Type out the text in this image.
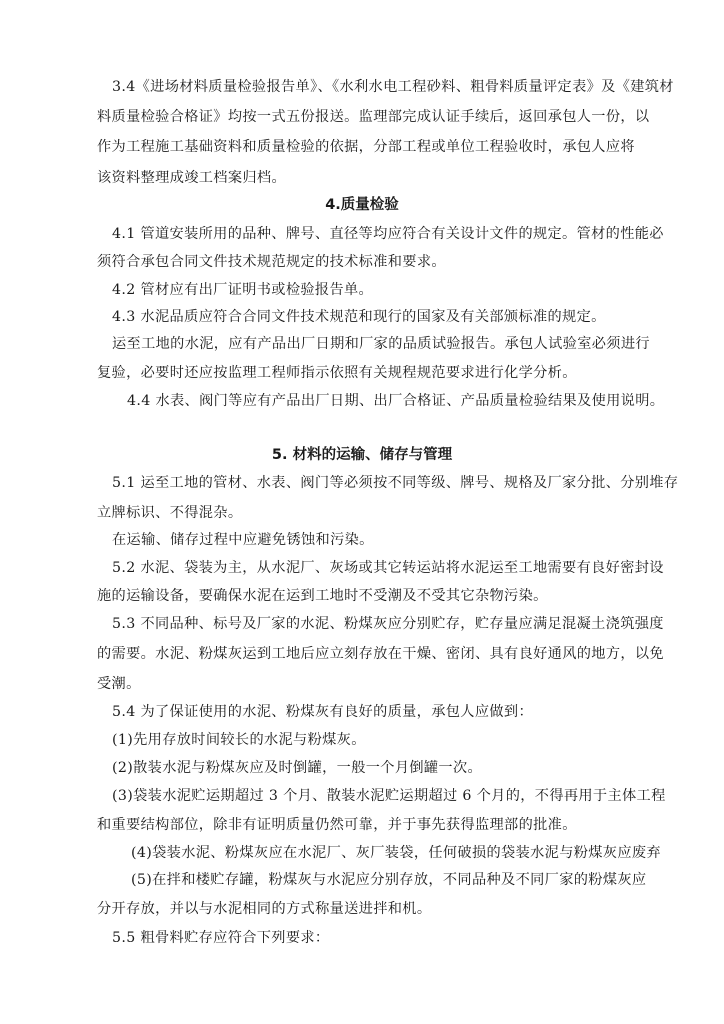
3.4《进场材料质量检验报告单》、《水利水电工程砂料、粗骨料质量评定表》及《建筑材
料质量检验合格证》均按一式五份报送。监理部完成认证手续后，返回承包人一份，以
作为工程施工基础资料和质量检验的依据，分部工程或单位工程验收时，承包人应将
该资料整理成竣工档案归档。
4.质量检验
4.1 管道安装所用的品种、牌号、直径等均应符合有关设计文件的规定。管材的性能必
须符合承包合同文件技术规范规定的技术标准和要求。
4.2 管材应有出厂证明书或检验报告单。
4.3 水泥品质应符合合同文件技术规范和现行的国家及有关部颁标准的规定。
运至工地的水泥，应有产品出厂日期和厂家的品质试验报告。承包人试验室必须进行
复验，必要时还应按监理工程师指示依照有关规程规范要求进行化学分析。
4.4 水表、阀门等应有产品出厂日期、出厂合格证、产品质量检验结果及使用说明。
5. 材料的运输、储存与管理
5.1 运至工地的管材、水表、阀门等必须按不同等级、牌号、规格及厂家分批、分别堆存
立牌标识、不得混杂。
在运输、储存过程中应避免锈蚀和污染。
5.2 水泥、袋装为主，从水泥厂、灰场或其它转运站将水泥运至工地需要有良好密封设
施的运输设备，要确保水泥在运到工地时不受潮及不受其它杂物污染。
5.3 不同品种、标号及厂家的水泥、粉煤灰应分别贮存，贮存量应满足混凝土浇筑强度
的需要。水泥、粉煤灰运到工地后应立刻存放在干燥、密闭、具有良好通风的地方，以免
受潮。
5.4 为了保证使用的水泥、粉煤灰有良好的质量，承包人应做到：
(1)先用存放时间较长的水泥与粉煤灰。
(2)散装水泥与粉煤灰应及时倒罐，一般一个月倒罐一次。
(3)袋装水泥贮运期超过 3 个月、散装水泥贮运期超过 6 个月的，不得再用于主体工程
和重要结构部位，除非有证明质量仍然可靠，并于事先获得监理部的批准。
(4)袋装水泥、粉煤灰应在水泥厂、灰厂装袋，任何破损的袋装水泥与粉煤灰应废弃
(5)在拌和楼贮存罐，粉煤灰与水泥应分别存放，不同品种及不同厂家的粉煤灰应
分开存放，并以与水泥相同的方式称量送进拌和机。
5.5 粗骨料贮存应符合下列要求：
